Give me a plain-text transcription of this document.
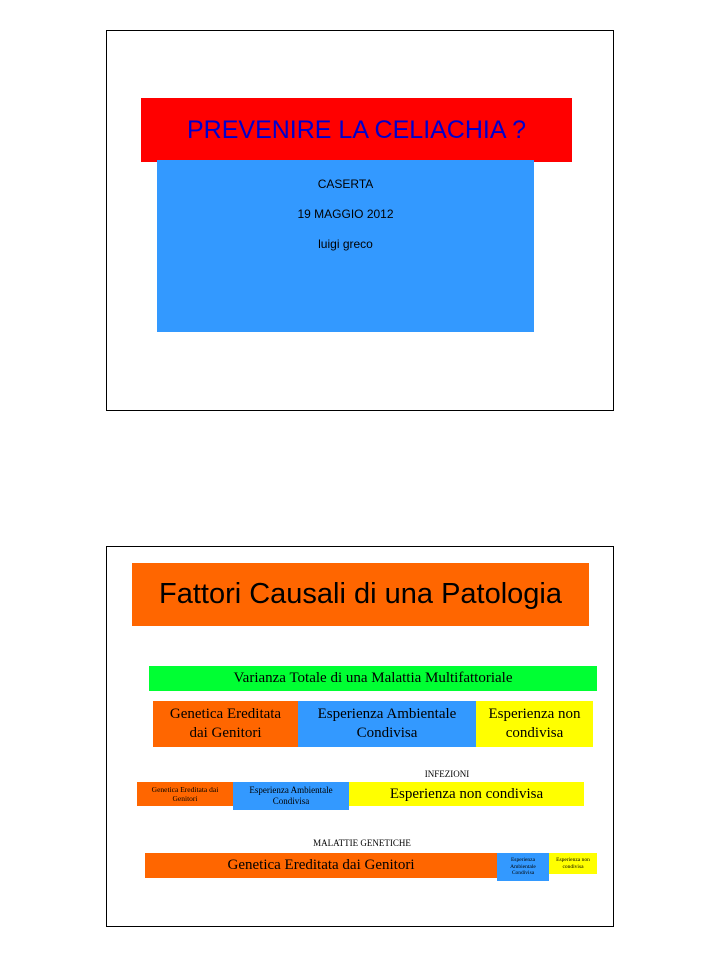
PREVENIRE LA CELIACHIA ?
CASERTA
19 MAGGIO 2012
luigi greco
Fattori Causali di una Patologia
Varianza Totale di una Malattia Multifattoriale
Genetica Ereditata dai Genitori
Esperienza Ambientale Condivisa
Esperienza non condivisa
INFEZIONI
Genetica Ereditata dai Genitori
Esperienza Ambientale Condivisa	Esperienza non condivisa
MALATTIE GENETICHE
Genetica Ereditata dai Genitori	Esperienza Ambientale Condivisa
Esperienza non condivisa
